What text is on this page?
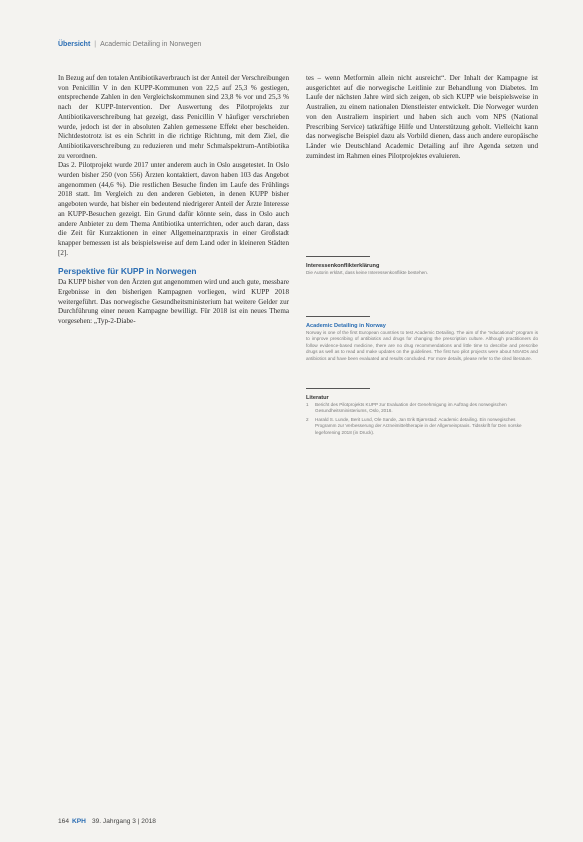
Übersicht | Academic Detailing in Norwegen

In Bezug auf den totalen Antibiotikaverbrauch ist der Anteil der Verschreibungen von Penicillin V in den KUPP-Kommunen von 22,5 auf 25,3 % gestiegen, entsprechende Zahlen in den Vergleichskommunen sind 23,8 % vor und 25,3 % nach der KUPP-Intervention. Der Auswertung des Pilotprojekts zur Antibiotikaverschreibung hat gezeigt, dass Penicillin V häufiger verschrieben wurde, jedoch ist der in absoluten Zahlen gemessene Effekt eher bescheiden. Nichtdestotrotz ist es ein Schritt in die richtige Richtung, mit dem Ziel, die Antibiotikaverschreibung zu reduzieren und mehr Schmalspektrum-Antibiotika zu verordnen.

Das 2. Pilotprojekt wurde 2017 unter anderem auch in Oslo ausgetestet. In Oslo wurden bisher 250 (von 556) Ärzten kontaktiert, davon haben 103 das Angebot angenommen (44,6 %). Die restlichen Besuche finden im Laufe des Frühlings 2018 statt. Im Vergleich zu den anderen Gebieten, in denen KUPP bisher angeboten wurde, hat bisher ein bedeutend niedrigerer Anteil der Ärzte Interesse an KUPP-Besuchen gezeigt. Ein Grund dafür könnte sein, dass in Oslo auch andere Anbieter zu dem Thema Antibiotika unterrichten, oder auch daran, dass die Zeit für Kurzaktionen in einer Allgemeinarztpraxis in einer Großstadt knapper bemessen ist als beispielsweise auf dem Land oder in kleineren Städten [2].

Perspektive für KUPP in Norwegen

Da KUPP bisher von den Ärzten gut angenommen wird und auch gute, messbare Ergebnisse in den bisherigen Kampagnen vorliegen, wird KUPP 2018 weitergeführt. Das norwegische Gesundheitsministerium hat weitere Gelder zur Durchführung einer neuen Kampagne bewilligt. Für 2018 ist ein neues Thema vorgesehen: „Typ-2-Diabe-

tes – wenn Metformin allein nicht ausreicht“. Der Inhalt der Kampagne ist ausgerichtet auf die norwegische Leitlinie zur Behandlung von Diabetes. Im Laufe der nächsten Jahre wird sich zeigen, ob sich KUPP wie beispielsweise in Australien, zu einem nationalen Dienstleister entwickelt. Die Norweger wurden von den Australiern inspiriert und haben sich auch vom NPS (National Prescribing Service) tatkräftige Hilfe und Unterstützung geholt. Vielleicht kann das norwegische Beispiel dazu als Vorbild dienen, dass auch andere europäische Länder wie Deutschland Academic Detailing auf ihre Agenda setzen und zumindest im Rahmen eines Pilotprojektes evaluieren.

Interessenkonflikterklärung
Die Autorin erklärt, dass keine Interessenkonflikte bestehen.
Academic Detailing in Norway
Norway is one of the first European countries to test Academic Detailing. The aim of the "educational" program is to improve prescribing of antibiotics and drugs for changing the prescription culture. Although practitioners do follow evidence-based medicine, there are no drug recommendations and little time to describe and prescribe drugs as well as to read and make updates on the guidelines. The first two pilot projects were about NSAIDs and antibiotics and have been evaluated and results concluded. For more details, please refer to the cited literature.
Literatur
1	Bericht des Pilotprojekts KUPP zur Evaluation der Genehmigung im Auftrag des norwegischen Gesundheitsministeriums, Oslo, 2016.
2	Harald S. Lunde, Berit Lund, Ole Sande, Jan Erik Bjørnstad: Academic detailing. Ein norwegisches Programm zur Verbesserung der Arzneimitteltherapie in der Allgemeinpraxis. Tidsskrift for Den norske legeforening 2018 (in Druck).
164 KPH 39. Jahrgang 3 | 2018
